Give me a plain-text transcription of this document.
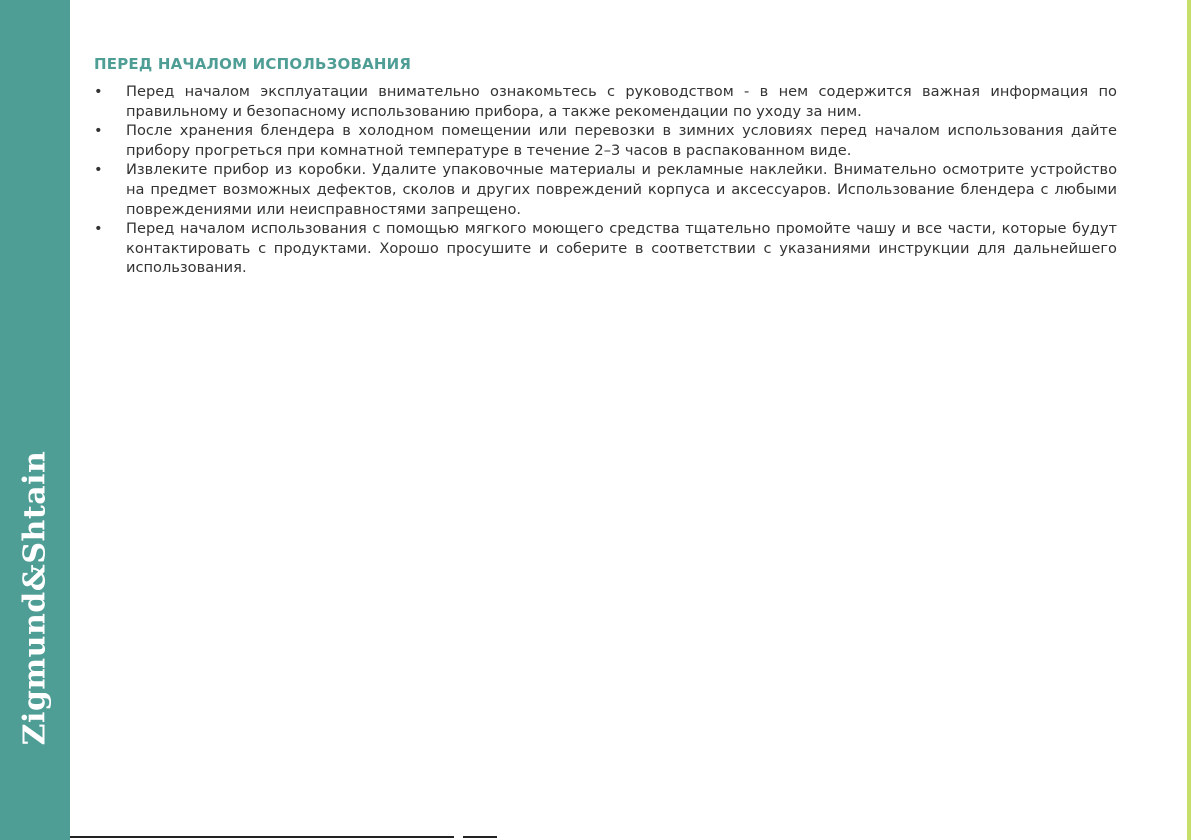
Zigmund&Shtain
ПЕРЕД НАЧАЛОМ ИСПОЛЬЗОВАНИЯ
• Перед началом эксплуатации внимательно ознакомьтесь с руководством - в нем содержится важная информация по правильному и безопасному использованию прибора, а также рекомендации по уходу за ним.
• После хранения блендера в холодном помещении или перевозки в зимних условиях перед началом использования дайте прибору прогреться при комнатной температуре в течение 2–3 часов в распакованном виде.
• Извлеките прибор из коробки. Удалите упаковочные материалы и рекламные наклейки. Внимательно осмотрите устройство на предмет возможных дефектов, сколов и других повреждений корпуса и аксессуаров. Использование блендера с любыми повреждениями или неисправностями запрещено.
• Перед началом использования с помощью мягкого моющего средства тщательно промойте чашу и все части, которые будут контактировать с продуктами. Хорошо просушите и соберите в соответствии с указаниями инструкции для дальнейшего использования.
